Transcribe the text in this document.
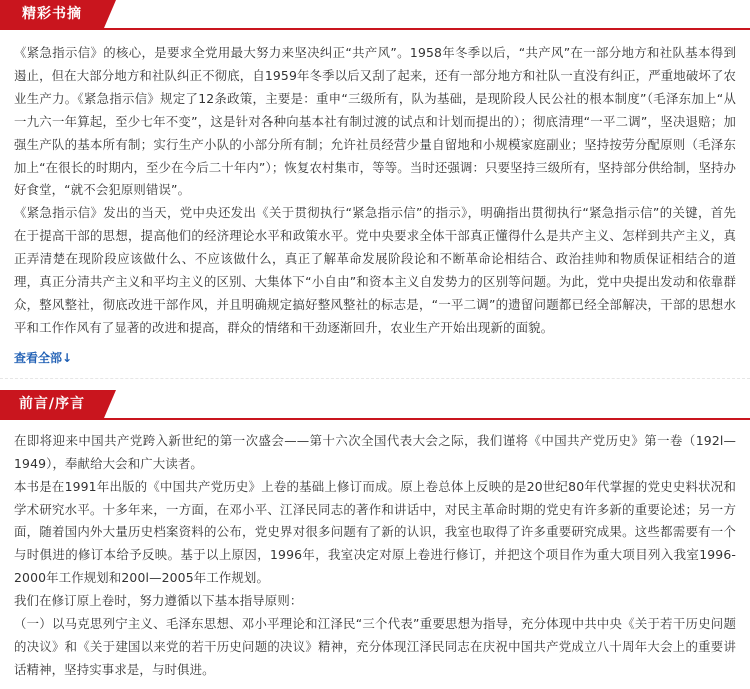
精彩书摘

《紧急指示信》的核心，是要求全党用最大努力来坚决纠正“共产风”。1958年冬季以后，“共产风”在一部分地方和社队基本得到遏止，但在大部分地方和社队纠正不彻底，自1959年冬季以后又刮了起来，还有一部分地方和社队一直没有纠正，严重地破坏了农业生产力。《紧急指示信》规定了12条政策，主要是：重申“三级所有，队为基础，是现阶段人民公社的根本制度”（毛泽东加上“从一九六一年算起，至少七年不变”，这是针对各种向基本社有制过渡的试点和计划而提出的）；彻底清理“一平二调”，坚决退赔；加强生产队的基本所有制；实行生产小队的小部分所有制；允许社员经营少量自留地和小规模家庭副业；坚持按劳分配原则（毛泽东加上“在很长的时期内，至少在今后二十年内”）；恢复农村集市，等等。当时还强调：只要坚持三级所有，坚持部分供给制，坚持办好食堂，“就不会犯原则错误”。

《紧急指示信》发出的当天，党中央还发出《关于贯彻执行“紧急指示信”的指示》，明确指出贯彻执行“紧急指示信”的关键，首先在于提高干部的思想，提高他们的经济理论水平和政策水平。党中央要求全体干部真正懂得什么是共产主义、怎样到共产主义，真正弄清楚在现阶段应该做什么、不应该做什么，真正了解革命发展阶段论和不断革命论相结合、政治挂帅和物质保证相结合的道理，真正分清共产主义和平均主义的区别、大集体下“小自由”和资本主义自发势力的区别等问题。为此，党中央提出发动和依靠群众，整风整社，彻底改进干部作风，并且明确规定搞好整风整社的标志是，“一平二调”的遗留问题都已经全部解决，干部的思想水平和工作作风有了显著的改进和提高，群众的情绪和干劲逐渐回升，农业生产开始出现新的面貌。

查看全部↓
前言/序言

在即将迎来中国共产党跨入新世纪的第一次盛会——第十六次全国代表大会之际，我们谨将《中国共产党历史》第一卷（192l—1949），奉献给大会和广大读者。

本书是在1991年出版的《中国共产党历史》上卷的基础上修订而成。原上卷总体上反映的是20世纪80年代掌握的党史史料状况和学术研究水平。十多年来，一方面，在邓小平、江泽民同志的著作和讲话中，对民主革命时期的党史有许多新的重要论述；另一方面，随着国内外大量历史档案资料的公布，党史界对很多问题有了新的认识，我室也取得了许多重要研究成果。这些都需要有一个与时俱进的修订本给予反映。基于以上原因，1996年，我室决定对原上卷进行修订，并把这个项目作为重大项目列入我室1996-2000年工作规划和200l—2005年工作规划。

我们在修订原上卷时，努力遵循以下基本指导原则：

（一）以马克思列宁主义、毛泽东思想、邓小平理论和江泽民“三个代表”重要思想为指导，充分体现中共中央《关于若干历史问题的决议》和《关于建国以来党的若干历史问题的决议》精神，充分体现江泽民同志在庆祝中国共产党成立八十周年大会上的重要讲话精神，坚持实事求是，与时俱进。
